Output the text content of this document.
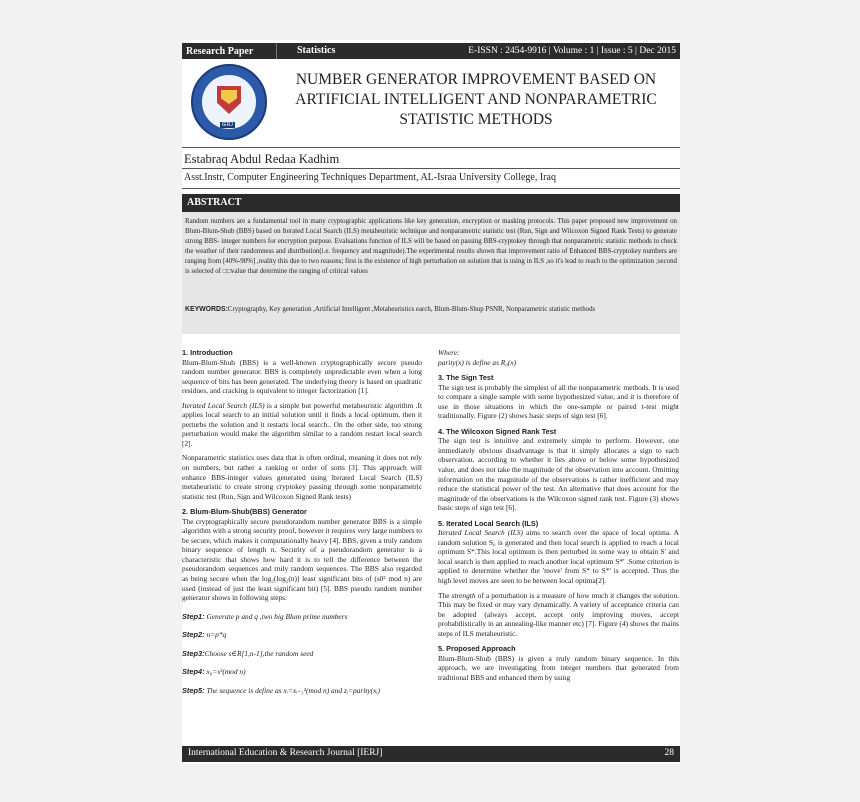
Research Paper	Statistics	E-ISSN : 2454-9916 | Volume : 1 | Issue : 5 | Dec 2015
IERJ
NUMBER GENERATOR IMPROVEMENT BASED ON ARTIFICIAL INTELLIGENT AND NONPARAMETRIC STATISTIC METHODS
Estabraq Abdul Redaa Kadhim
Asst.Instr, Computer Engineering Techniques Department, AL-Israa University College, Iraq
ABSTRACT
Random numbers are a fundamental tool in many cryptographic applications like key generation, encryption or masking protocols. This paper proposed new improvement on Blum-Blum-Shub (BBS) based on Iterated Local Search (ILS) metaheuristic technique and nonparametric statistic test (Run, Sign and Wilcoxon Signed Rank Tests) to generate strong BBS- integer numbers for encryption purpose. Evaluations function of ILS will be based on passing BBS-cryptokey through that nonparametric statistic methods to check the weather of their randomness and distribution(i.e. frequency and magnitude).The experimental results shown that improvement ratio of Enhanced BBS-cryptokey numbers are ranging from [40%-90%] ,reality this due to two reasons; first is the existence of high perturbation on solution that is using in ILS ,so it's lead to reach to the optimization ;second is selected of □□value that determine the ranging of critical values
KEYWORDS:Cryptography, Key generation ,Artificial Intelligent ,Metaheuristics earch, Blum-Blum-Shup PSNR, Nonparametric statistic methods
1. Introduction

Blum-Blum-Shub (BBS) is a well-known cryptographically secure pseudo random number generator. BBS is completely unpredictable even when a long sequence of bits has been generated. The underlying theory is based on quadratic residues, and cracking is equivalent to integer factorization [1].

Iterated Local Search (ILS) is a simple but powerful metaheuristic algorithm .It applies local search to an initial solution until it finds a local optimum, then it perturbs the solution and it restarts local search.. On the other side, too strong perturbation would make the algorithm similar to a random restart local search [2].

Nonparametric statistics uses data that is often ordinal, meaning it does not rely on numbers, but rather a ranking or order of sorts [3]. This approach will enhance BBS-integer values generated using Iterated Local Search (ILS) metaheuristic to create strong cryptokey passing through some nonparametric statistic test (Run, Sign and Wilcoxon Signed Rank tests)

2. Blum-Blum-Shub(BBS) Generator

The cryptographically secure pseudorandom number generator BBS is a simple algorithm with a strong security proof, however it requires very large numbers to be secure, which makes it computationally heavy [4]. BBS, given a truly random binary sequence of length n. Security of a pseudorandom generator is a characteristic that shows how hard it is to tell the difference between the pseudorandom sequences and truly random sequences. The BBS also regarded as being secure when the log₂(log₂(n)) least significant bits of (s0² mod n) are used (instead of just the least significant bit) [5]. BBS pseudo random number generator shows in following steps:

Step1: Generate p and q ,two big Blum prime numbers
Step2: n=p*q
Step3:Choose s∈R[1,n-1],the random seed
Step4: x₀=s²(mod n)
Step5: The sequence is define as xᵢ=xᵢ₋₁²(mod n) and zᵢ=parity(xᵢ)
Where:

parity(x) is define as R₀(x)

3. The Sign Test

The sign test is probably the simplest of all the nonparametric methods. It is used to compare a single sample with some hypothesized value, and it is therefore of use in those situations in which the one-sample or paired t-test might traditionally. Figure (2) shows basic steps of sign test [6].

4. The Wilcoxon Signed Rank Test

The sign test is intuitive and extremely simple to perform. However, one immediately obvious disadvantage is that it simply allocates a sign to each observation, according to whether it lies above or below some hypothesized value, and does not take the magnitude of the observation into account. Omitting information on the magnitude of the observations is rather inefficient and may reduce the statistical power of the test. An alternative that does account for the magnitude of the observations is the Wilcoxon signed rank test. Figure (3) shows basic steps of sign test [6].

5. Iterated Local Search (ILS)

Iterated Local Search (ILS) aims to search over the space of local optima. A random solution S₀ is generated and then local search is applied to reach a local optimum S*.This local optimum is then perturbed in some way to obtain S' and local search is then applied to reach another local optimum S*' .Some criterion is applied to determine whether the 'move' from S* to S*' is accepted. Thus the high level moves are seen to be between local optima[2].

The strength of a perturbation is a measure of how much it changes the solution. This may be fixed or may vary dynamically. A variety of acceptance criteria can be adopted (always accept, accept only improving moves, accept probabilistically in an annealing-like manner etc) [7]. Figure (4) shows the mains steps of ILS metaheuristic.

5. Proposed Approach

Blum-Blum-Shub (BBS) is given a truly random binary sequence. In this approach, we are investigating from integer numbers that generated from traditional BBS and enhanced them by using

International Education & Research Journal [IERJ]	28
